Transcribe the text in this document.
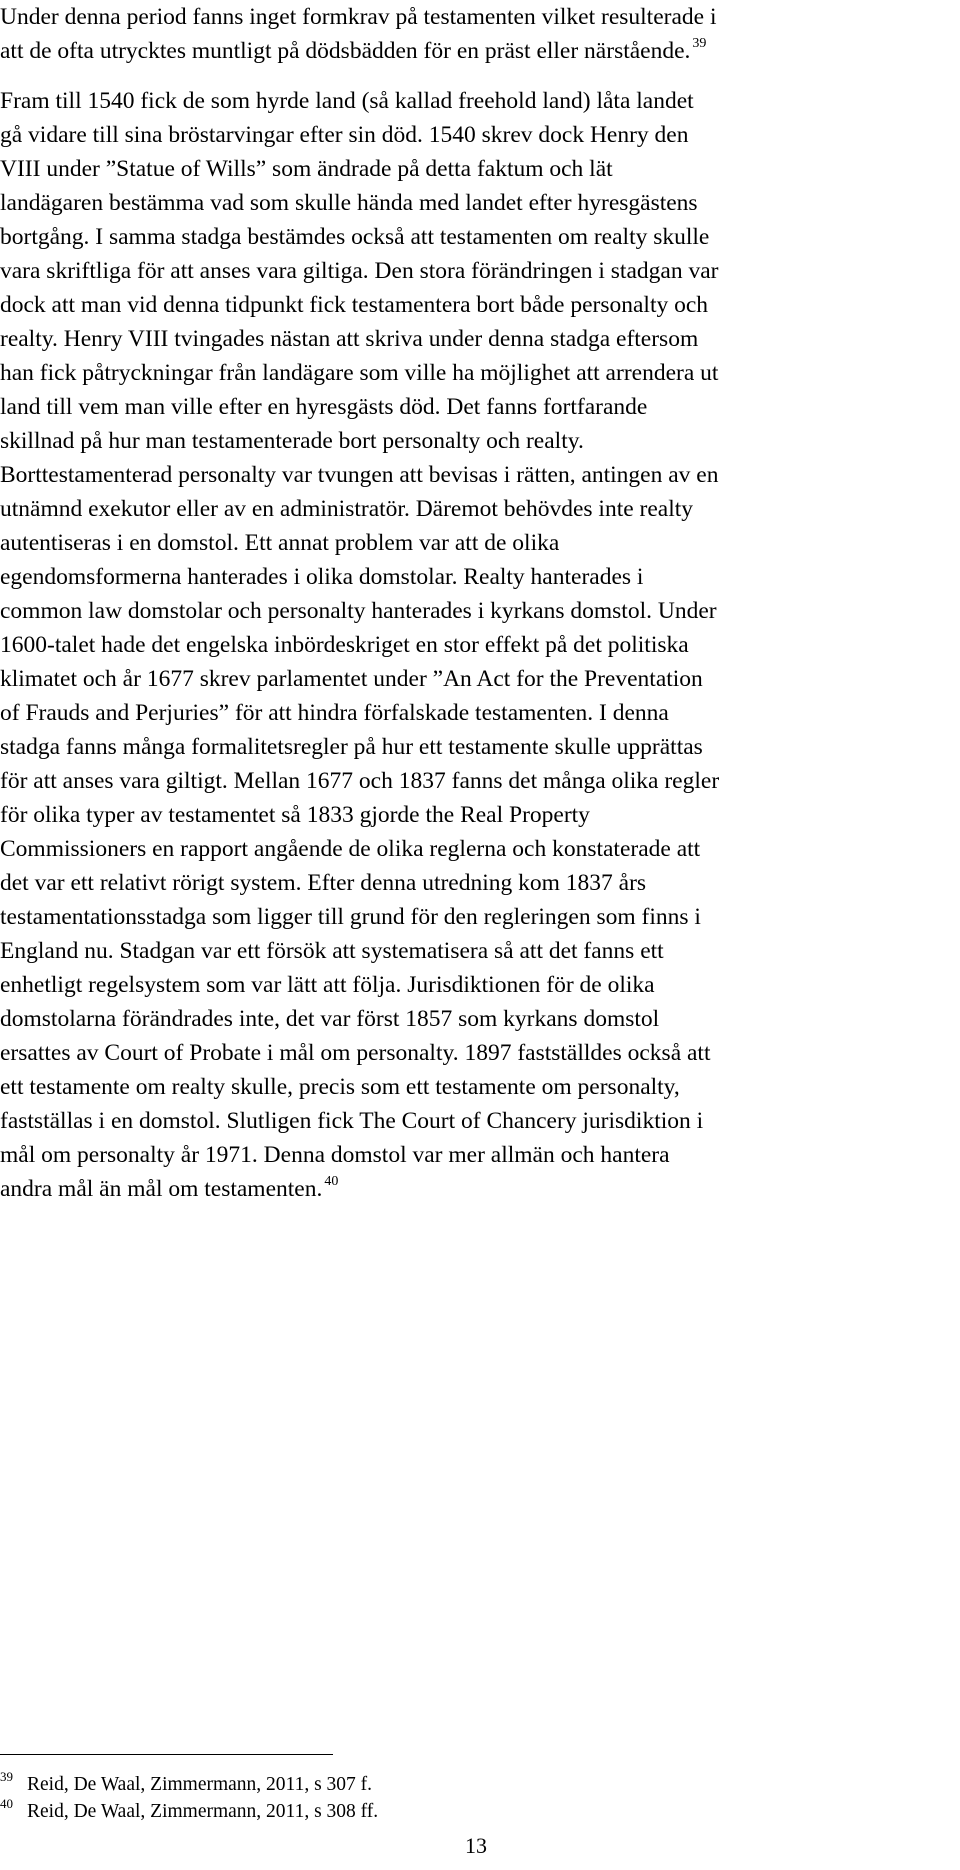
Under denna period fanns inget formkrav på testamenten vilket resulterade i
att de ofta utrycktes muntligt på dödsbädden för en präst eller närstående. $^{39}$

Fram till 1540 fick de som hyrde land (så kallad freehold land) låta landet
gå vidare till sina bröstarvingar efter sin död. 1540 skrev dock Henry den
VIII under ”Statue of Wills” som ändrade på detta faktum och lät
landägaren bestämma vad som skulle hända med landet efter hyresgästens
bortgång. I samma stadga bestämdes också att testamenten om realty skulle
vara skriftliga för att anses vara giltiga. Den stora förändringen i stadgan var
dock att man vid denna tidpunkt fick testamentera bort både personalty och
realty. Henry VIII tvingades nästan att skriva under denna stadga eftersom
han fick påtryckningar från landägare som ville ha möjlighet att arrendera ut
land till vem man ville efter en hyresgästs död. Det fanns fortfarande
skillnad på hur man testamenterade bort personalty och realty.
Borttestamenterad personalty var tvungen att bevisas i rätten, antingen av en
utnämnd exekutor eller av en administratör. Däremot behövdes inte realty
autentiseras i en domstol. Ett annat problem var att de olika
egendomsformerna hanterades i olika domstolar. Realty hanterades i
common law domstolar och personalty hanterades i kyrkans domstol. Under
1600-talet hade det engelska inbördeskriget en stor effekt på det politiska
klimatet och år 1677 skrev parlamentet under ”An Act for the Preventation
of Frauds and Perjuries” för att hindra förfalskade testamenten. I denna
stadga fanns många formalitetsregler på hur ett testamente skulle upprättas
för att anses vara giltigt. Mellan 1677 och 1837 fanns det många olika regler
för olika typer av testamentet så 1833 gjorde the Real Property
Commissioners en rapport angående de olika reglerna och konstaterade att
det var ett relativt rörigt system. Efter denna utredning kom 1837 års
testamentationsstadga som ligger till grund för den regleringen som finns i
England nu. Stadgan var ett försök att systematisera så att det fanns ett
enhetligt regelsystem som var lätt att följa. Jurisdiktionen för de olika
domstolarna förändrades inte, det var först 1857 som kyrkans domstol
ersattes av Court of Probate i mål om personalty. 1897 fastställdes också att
ett testamente om realty skulle, precis som ett testamente om personalty,
fastställas i en domstol. Slutligen fick The Court of Chancery jurisdiktion i
mål om personalty år 1971. Denna domstol var mer allmän och hantera
andra mål än mål om testamenten. $^{40}$

39 Reid, De Waal, Zimmermann, 2011, s 307 f.
40 Reid, De Waal, Zimmermann, 2011, s 308 ff.
13
